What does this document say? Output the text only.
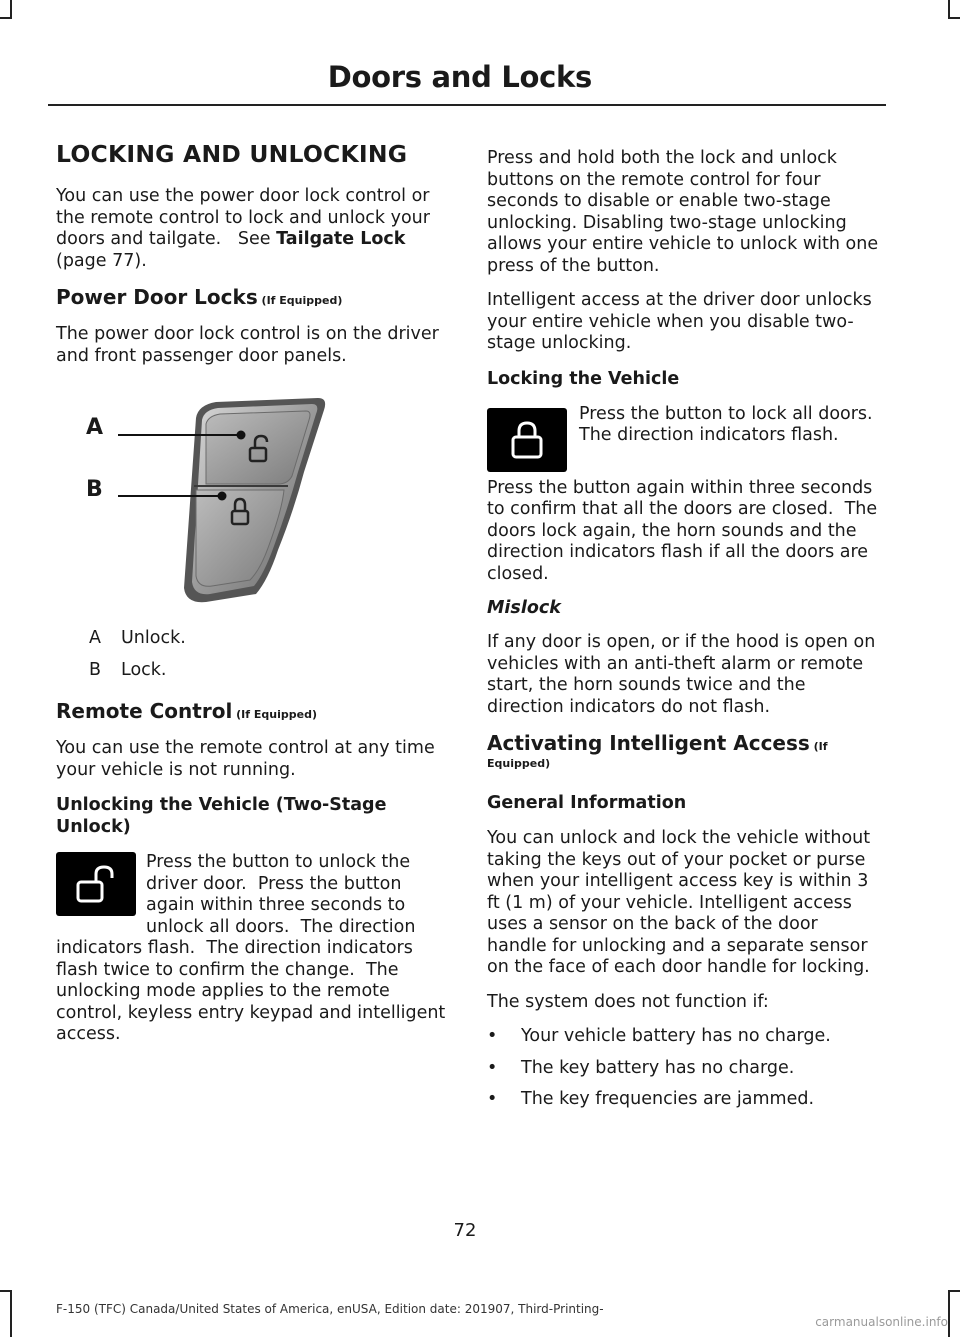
Doors and Locks
LOCKING AND UNLOCKING

You can use the power door lock control or the remote control to lock and unlock your doors and tailgate.   See Tailgate Lock (page 77).

Power Door Locks (If Equipped)

The power door lock control is on the driver and front passenger door panels.

A
B
A	Unlock.
B	Lock.
Remote Control (If Equipped)

You can use the remote control at any time your vehicle is not running.

Unlocking the Vehicle (Two-Stage Unlock)

Press the button to unlock the driver door.  Press the button again within three seconds to unlock all doors.  The direction indicators flash.  The direction indicators flash twice to confirm the change.  The unlocking mode applies to the remote control, keyless entry keypad and intelligent access.

Press and hold both the lock and unlock buttons on the remote control for four seconds to disable or enable two-stage unlocking. Disabling two-stage unlocking allows your entire vehicle to unlock with one press of the button.

Intelligent access at the driver door unlocks your entire vehicle when you disable two-stage unlocking.

Locking the Vehicle

Press the button to lock all doors.  The direction indicators flash.

Press the button again within three seconds to confirm that all the doors are closed.  The doors lock again, the horn sounds and the direction indicators flash if all the doors are closed.

Mislock

If any door is open, or if the hood is open on vehicles with an anti-theft alarm or remote start, the horn sounds twice and the direction indicators do not flash.

Activating Intelligent Access (If
Equipped)
General Information

You can unlock and lock the vehicle without taking the keys out of your pocket or purse when your intelligent access key is within 3 ft (1 m) of your vehicle. Intelligent access uses a sensor on the back of the door handle for unlocking and a separate sensor on the face of each door handle for locking.

The system does not function if:

•	Your vehicle battery has no charge.
•	The key battery has no charge.
•	The key frequencies are jammed.
72
F-150 (TFC) Canada/United States of America, enUSA, Edition date: 201907, Third-Printing-
carmanualsonline.info
